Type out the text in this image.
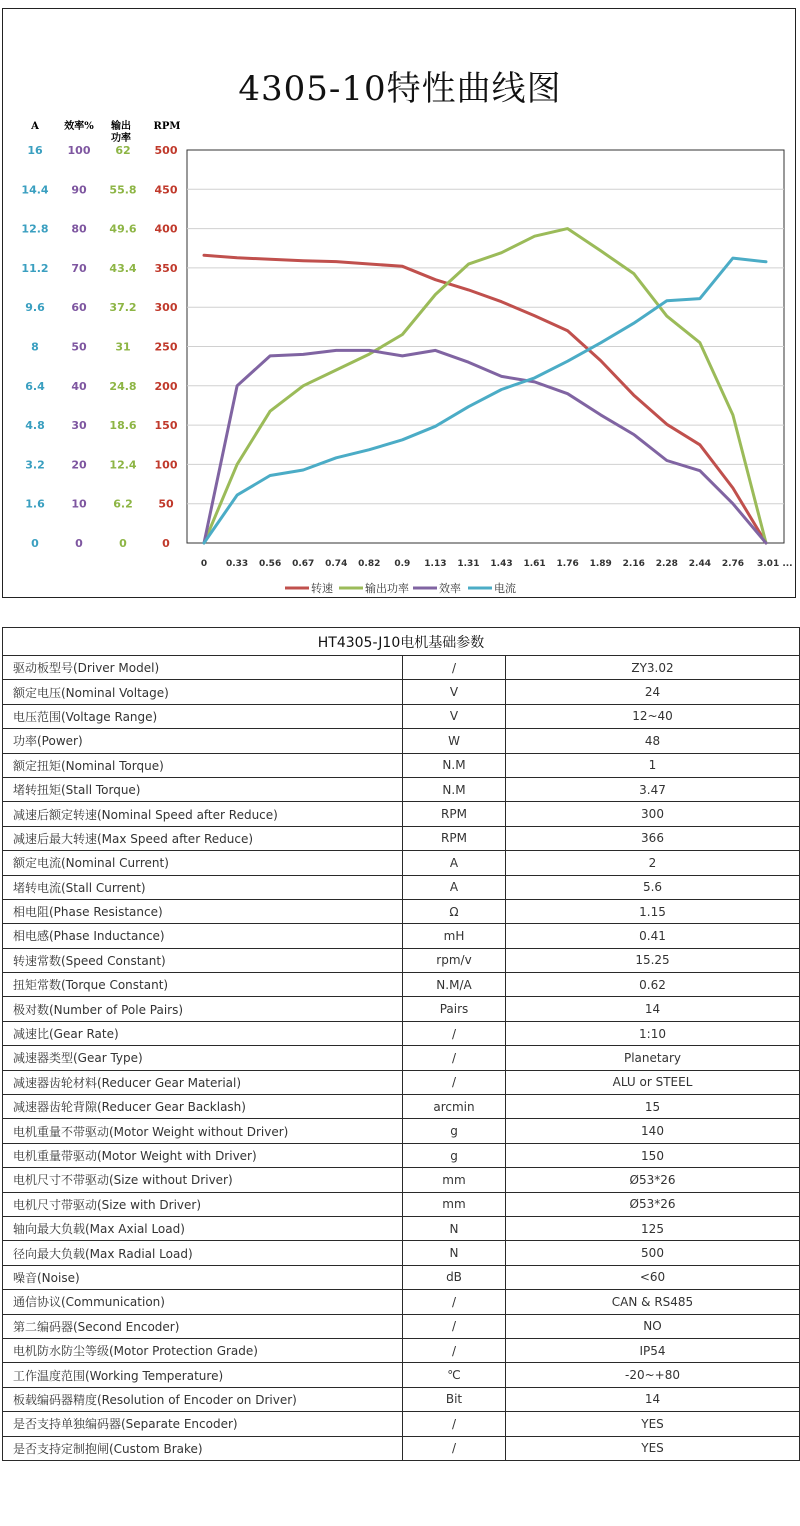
4305-10特性曲线图
A	效率%	输出功率
RPM
0
1.6
3.2
4.8
6.4
8
9.6
11.2
12.8
14.4
16
0
10
20
30
40
50
60
70
80
90
100
0
6.2
12.4
18.6
24.8
31
37.2
43.4
49.6
55.8
62
0
50
100
150
200
250
300
350
400
450
500
0 0.33 0.56 0.67 0.74 0.82 0.9 1.13 1.31 1.43 1.61 1.76 1.89 2.16 2.28 2.44 2.76 3.01 ...
转速	输出功率	效率	电流
HT4305-J10电机基础参数		
驱动板型号(Driver Model)	/	ZY3.02
额定电压(Nominal Voltage)	V	24
电压范围(Voltage Range)	V	12~40
功率(Power)	W	48
额定扭矩(Nominal Torque)	N.M	1
堵转扭矩(Stall Torque)	N.M	3.47
减速后额定转速(Nominal Speed after Reduce)	RPM	300
减速后最大转速(Max Speed after Reduce)	RPM	366
额定电流(Nominal Current)	A	2
堵转电流(Stall Current)	A	5.6
相电阻(Phase Resistance)	Ω	1.15
相电感(Phase Inductance)	mH	0.41
转速常数(Speed Constant)	rpm/v	15.25
扭矩常数(Torque Constant)	N.M/A	0.62
极对数(Number of Pole Pairs)	Pairs	14
减速比(Gear Rate)	/	1:10
减速器类型(Gear Type)	/	Planetary
减速器齿轮材料(Reducer Gear Material)	/	ALU or STEEL
减速器齿轮背隙(Reducer Gear Backlash)	arcmin	15
电机重量不带驱动(Motor Weight without Driver)	g	140
电机重量带驱动(Motor Weight with Driver)	g	150
电机尺寸不带驱动(Size without Driver)	mm	Ø53*26
电机尺寸带驱动(Size with Driver)	mm	Ø53*26
轴向最大负载(Max Axial Load)	N	125
径向最大负载(Max Radial Load)	N	500
噪音(Noise)	dB	<60
通信协议(Communication)	/	CAN & RS485
第二编码器(Second Encoder)	/	NO
电机防水防尘等级(Motor Protection Grade)	/	IP54
工作温度范围(Working Temperature)	℃	-20~+80
板载编码器精度(Resolution of Encoder on Driver)	Bit	14
是否支持单独编码器(Separate Encoder)	/	YES
是否支持定制抱闸(Custom Brake)	/	YES
